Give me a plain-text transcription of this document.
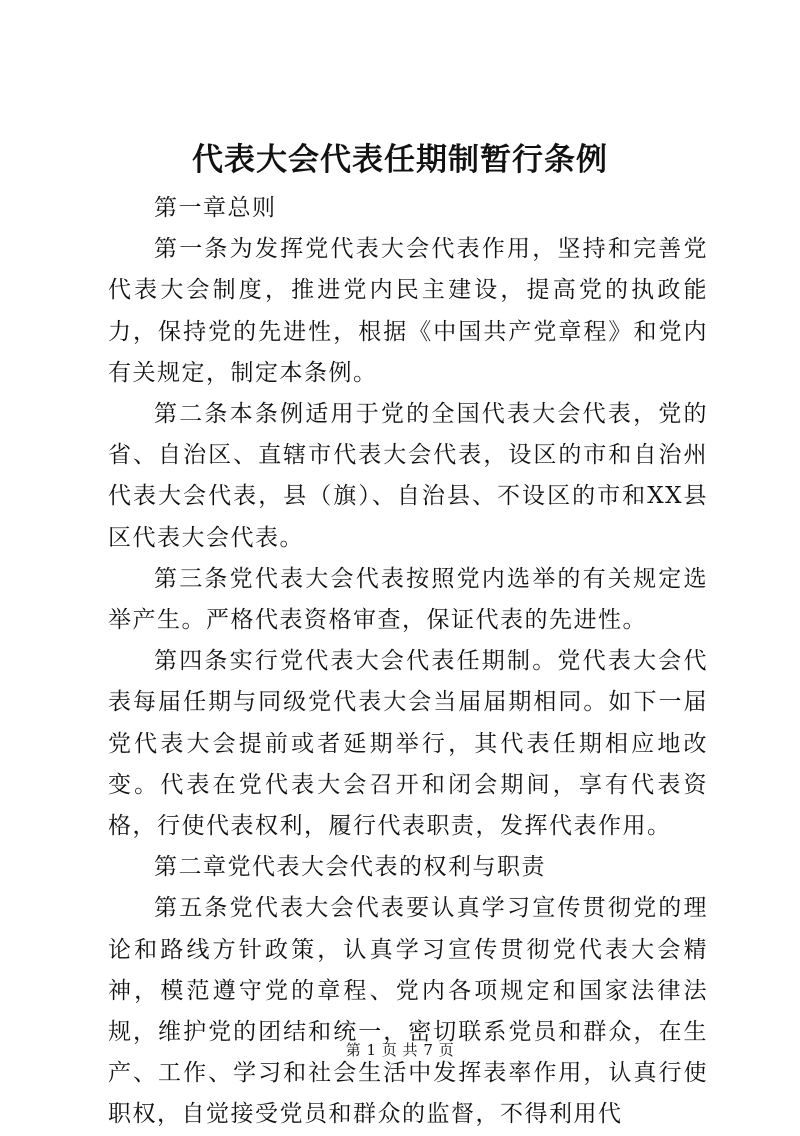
代表大会代表任期制暂行条例

第一章总则

第一条为发挥党代表大会代表作用，坚持和完善党代表大会制度，推进党内民主建设，提高党的执政能力，保持党的先进性，根据《中国共产党章程》和党内有关规定，制定本条例。

第二条本条例适用于党的全国代表大会代表，党的省、自治区、直辖市代表大会代表，设区的市和自治州代表大会代表，县（旗）、自治县、不设区的市和XX县区代表大会代表。

第三条党代表大会代表按照党内选举的有关规定选举产生。严格代表资格审查，保证代表的先进性。

第四条实行党代表大会代表任期制。党代表大会代表每届任期与同级党代表大会当届届期相同。如下一届党代表大会提前或者延期举行，其代表任期相应地改变。代表在党代表大会召开和闭会期间，享有代表资格，行使代表权利，履行代表职责，发挥代表作用。

第二章党代表大会代表的权利与职责

第五条党代表大会代表要认真学习宣传贯彻党的理论和路线方针政策，认真学习宣传贯彻党代表大会精神，模范遵守党的章程、党内各项规定和国家法律法规，维护党的团结和统一，密切联系党员和群众，在生产、工作、学习和社会生活中发挥表率作用，认真行使职权，自觉接受党员和群众的监督，不得利用代

第 1 页 共 7 页
